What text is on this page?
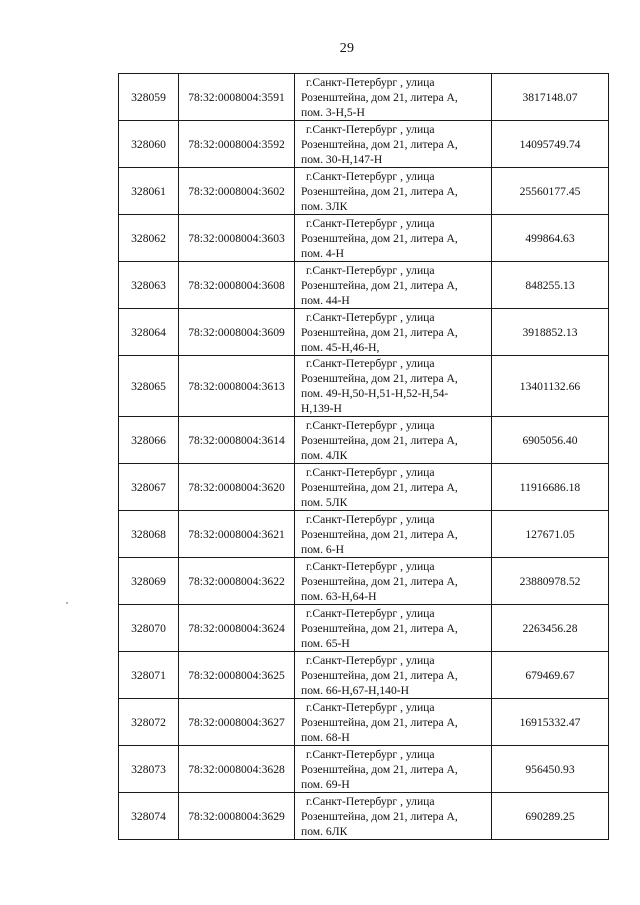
29
328059	78:32:0008004:3591	г.Санкт-Петербург , улица
Розенштейна, дом 21, литера А,
пом. 3-Н,5-Н	3817148.07
328060	78:32:0008004:3592	г.Санкт-Петербург , улица
Розенштейна, дом 21, литера А,
пом. 30-Н,147-Н	14095749.74
328061	78:32:0008004:3602	г.Санкт-Петербург , улица
Розенштейна, дом 21, литера А,
пом. 3ЛК	25560177.45
328062	78:32:0008004:3603	г.Санкт-Петербург , улица
Розенштейна, дом 21, литера А,
пом. 4-Н	499864.63
328063	78:32:0008004:3608	г.Санкт-Петербург , улица
Розенштейна, дом 21, литера А,
пом. 44-Н	848255.13
328064	78:32:0008004:3609	г.Санкт-Петербург , улица
Розенштейна, дом 21, литера А,
пом. 45-Н,46-Н,	3918852.13
328065	78:32:0008004:3613	г.Санкт-Петербург , улица
Розенштейна, дом 21, литера А,
пом. 49-Н,50-Н,51-Н,52-Н,54-
Н,139-Н	13401132.66
328066	78:32:0008004:3614	г.Санкт-Петербург , улица
Розенштейна, дом 21, литера А,
пом. 4ЛК	6905056.40
328067	78:32:0008004:3620	г.Санкт-Петербург , улица
Розенштейна, дом 21, литера А,
пом. 5ЛК	11916686.18
328068	78:32:0008004:3621	г.Санкт-Петербург , улица
Розенштейна, дом 21, литера А,
пом. 6-Н	127671.05
328069	78:32:0008004:3622	г.Санкт-Петербург , улица
Розенштейна, дом 21, литера А,
пом. 63-Н,64-Н	23880978.52
328070	78:32:0008004:3624	г.Санкт-Петербург , улица
Розенштейна, дом 21, литера А,
пом. 65-Н	2263456.28
328071	78:32:0008004:3625	г.Санкт-Петербург , улица
Розенштейна, дом 21, литера А,
пом. 66-Н,67-Н,140-Н	679469.67
328072	78:32:0008004:3627	г.Санкт-Петербург , улица
Розенштейна, дом 21, литера А,
пом. 68-Н	16915332.47
328073	78:32:0008004:3628	г.Санкт-Петербург , улица
Розенштейна, дом 21, литера А,
пом. 69-Н	956450.93
328074	78:32:0008004:3629	г.Санкт-Петербург , улица
Розенштейна, дом 21, литера А,
пом. 6ЛК	690289.25
